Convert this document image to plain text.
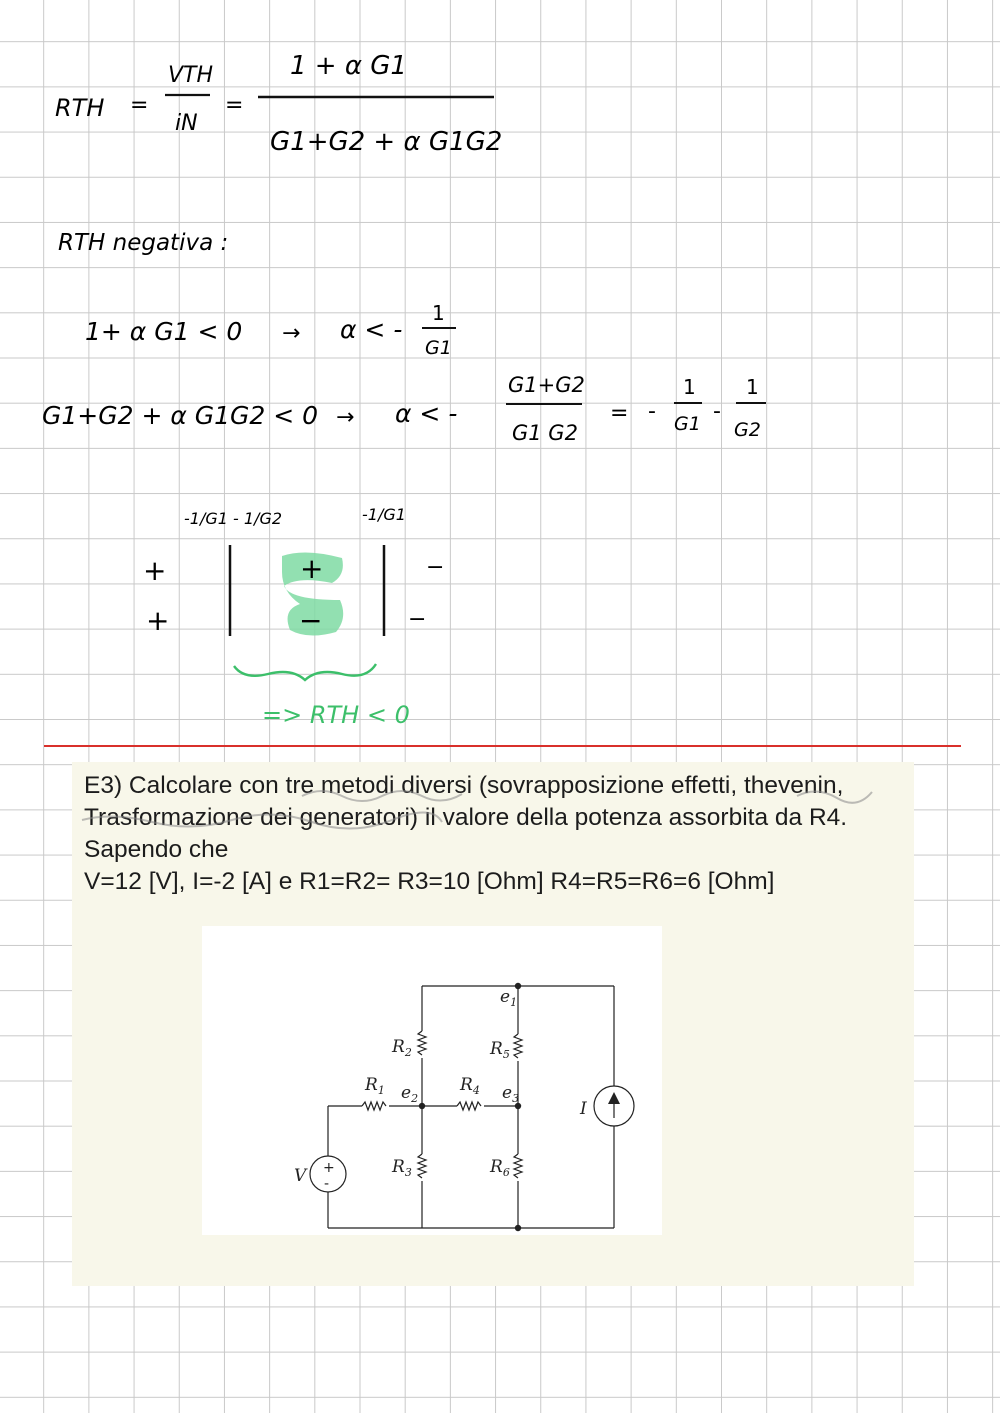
RTH =
VTH
iN
=
1 + α G1
G1+G2 + α G1G2
RTH negativa :
1+ α G1 < 0 → α < -
1
G1
G1+G2 + α G1G2 < 0 → α < -
G1+G2
G1 G2
= -
1
G1 -
1
G2
-1/G1 - 1/G2	-1/G1
+
+
+
−
−
−
=> RTH < 0
E3) Calcolare con tre metodi diversi (sovrapposizione effetti, thevenin,
Trasformazione dei generatori) il valore della potenza assorbita da R4.
Sapendo che
V=12 [V], I=-2 [A] e R1=R2= R3=10 [Ohm] R4=R5=R6=6 [Ohm]
$e_1$
$R_2$	$R_5$
$R_1$ $e_2$
$R_4$ $e_3$
I
$R_3$	$R_6$
V +
-
